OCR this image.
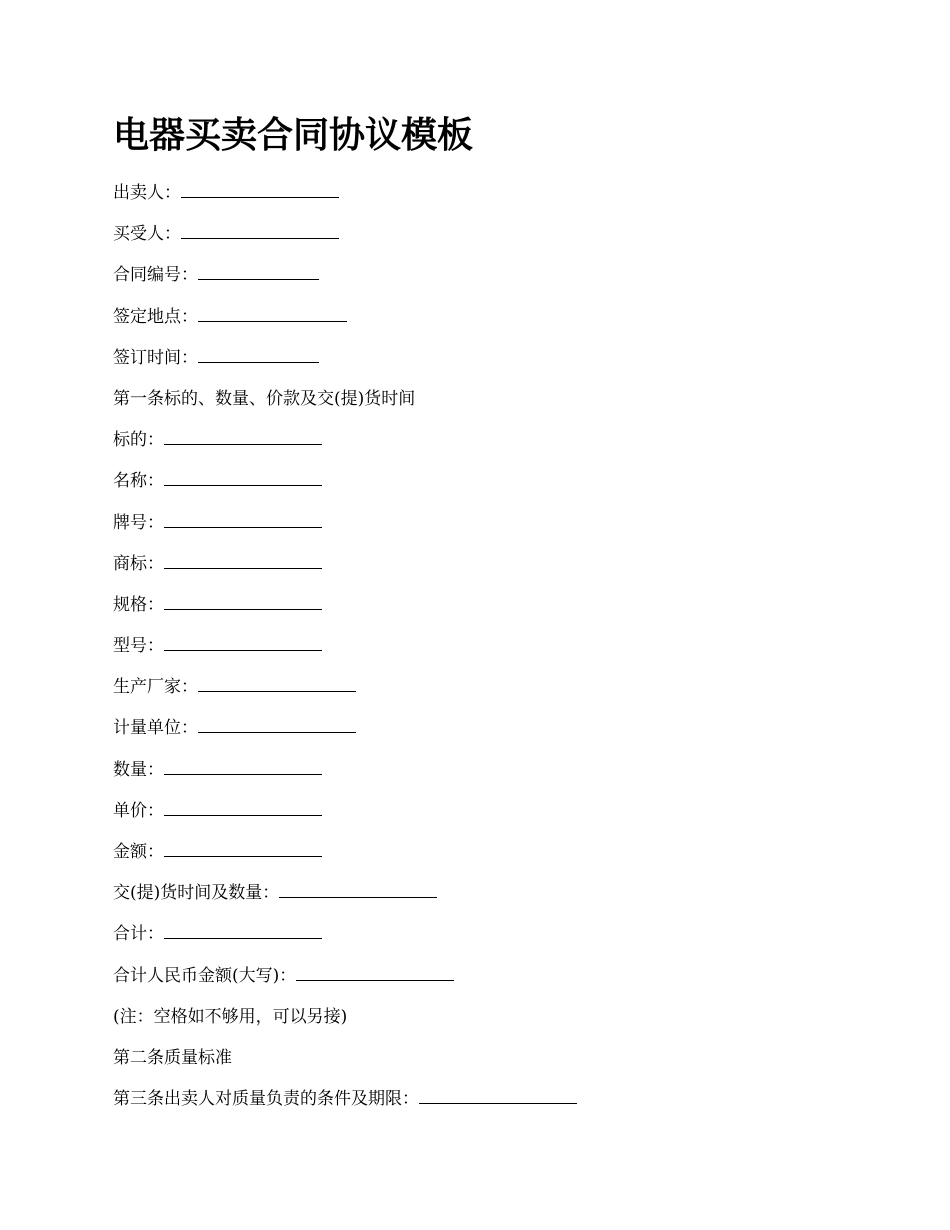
电器买卖合同协议模板
出卖人：
买受人：
合同编号：
签定地点：
签订时间：
第一条标的、数量、价款及交(提)货时间
标的：
名称：
牌号：
商标：
规格：
型号：
生产厂家：
计量单位：
数量：
单价：
金额：
交(提)货时间及数量：
合计：
合计人民币金额(大写)：
(注：空格如不够用，可以另接)
第二条质量标准
第三条出卖人对质量负责的条件及期限：
